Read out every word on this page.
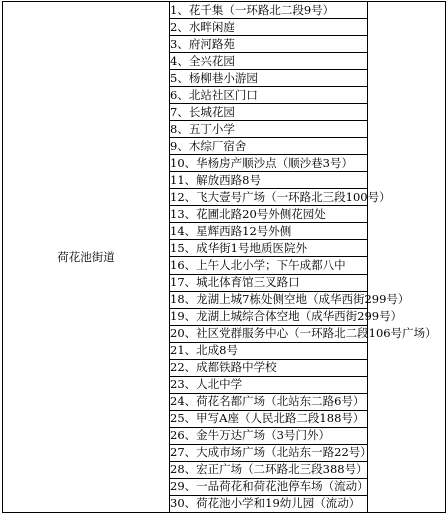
荷花池街道	1、花千集（一环路北二段9号）	
2、水畔闲庭
3、府河路苑
4、全兴花园
5、杨柳巷小游园
6、北站社区门口
7、长城花园
8、五丁小学
9、木综厂宿舍
10、华杨房产顺沙点（顺沙巷3号）
11、解放西路8号
12、飞大壹号广场（一环路北三段100号）
13、花圃北路20号外侧花园处
14、星辉西路12号外侧
15、成华街1号地质医院外
16、上午人北小学；下午成都八中
17、城北体育馆三叉路口
18、龙湖上城7栋处侧空地（成华西街299号）
19、龙湖上城综合体空地（成华西街299号）
20、社区党群服务中心（一环路北二段106号广场）
21、北成8号
22、成都铁路中学校
23、人北中学
24、荷花名都广场（北站东二路6号）
25、甲写A座（人民北路二段188号）
26、金牛万达广场（3号门外）
27、大成市场广场（北站东一路22号）
28、宏正广场（二环路北三段388号）
29、一品荷花和荷花池停车场（流动）
30、荷花池小学和19幼儿园（流动）
